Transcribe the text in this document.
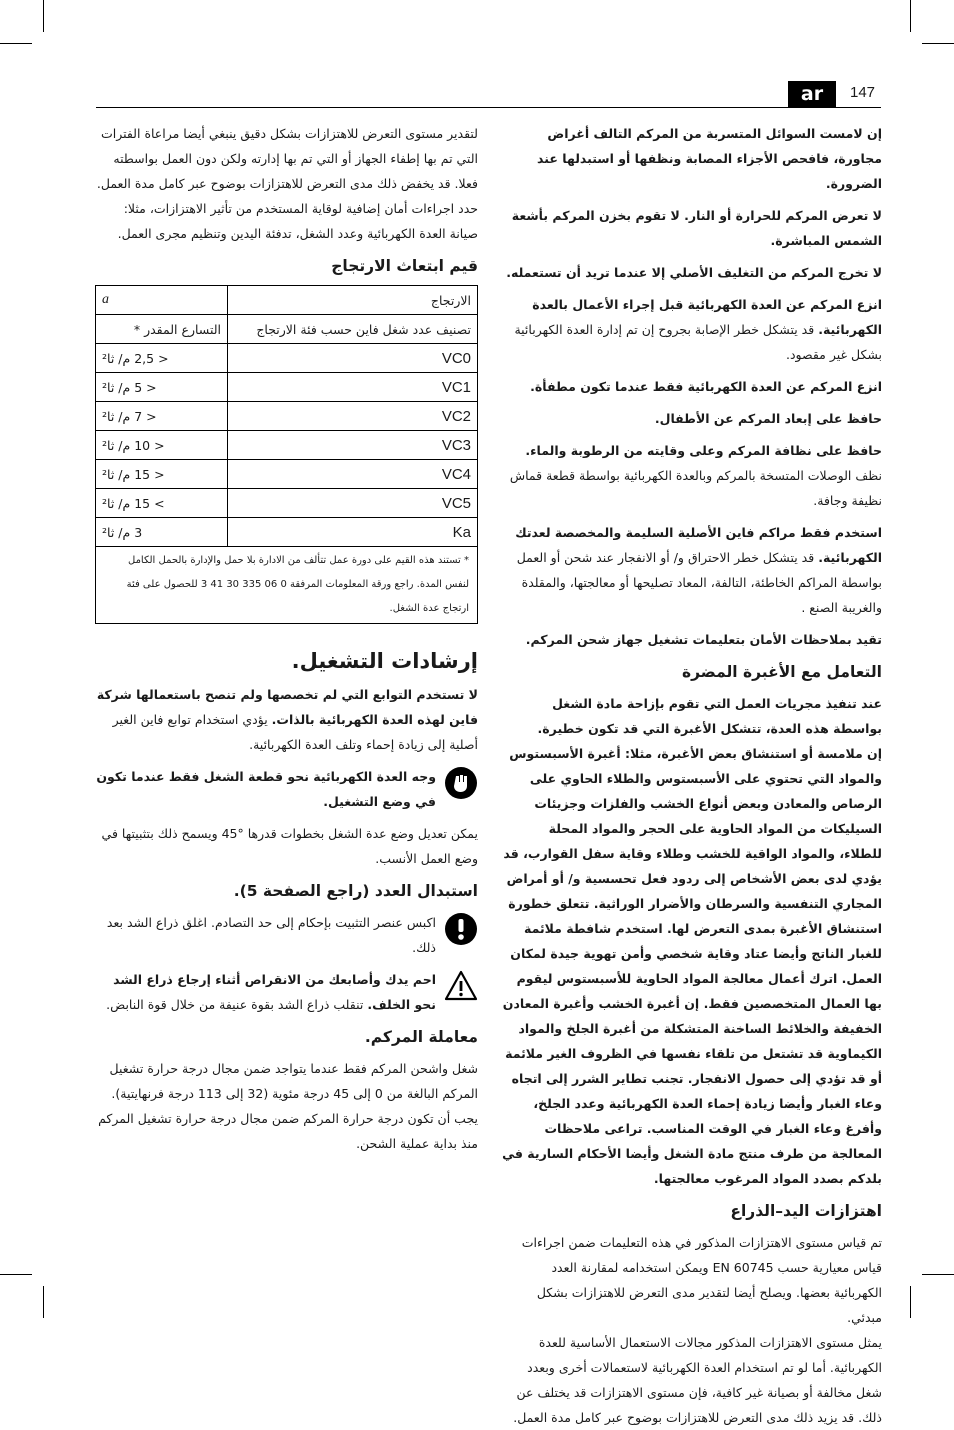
ar	147

إن لامست السوائل المتسربة من المركم التالف أغراض مجاورة، فافحص الأجزاء المصابة ونظفها أو استبدلها عند الضرورة.

لا تعرض المركم للحرارة أو النار. لا تقوم بخزن المركم بأشعة الشمس المباشرة.

لا تخرج المركم من التغليف الأصلي إلا عندما تريد أن تستعمله.

انزع المركم عن العدة الكهربائية قبل إجراء الأعمال بالعدة الكهربائية. قد يتشكل خطر الإصابة بجروح إن تم إدارة العدة الكهربائية بشكل غير مقصود.

انزع المركم عن العدة الكهربائية فقط عندما تكون مطفأة.

حافظ على إبعاد المركم عن الأطفال.

حافظ على نظافة المركم وعلى وقايته من الرطوبة والماء. نظف الوصلات المتسخة بالمركم وبالعدة الكهربائية بواسطة قطعة قماش نظيفة وجافة.

استخدم فقط مراكم فاين الأصلية السليمة والمخصصة لعدتك الكهربائية. قد يتشكل خطر الاحتراق و/ أو الانفجار عند شحن أو العمل بواسطة المراكم الخاطئة، التالفة، المعاد تصليحها أو معالجتها، والمقلدة والغريبة الصنع .

تقيد بملاحظات الأمان بتعليمات تشغيل جهاز شحن المركم.

التعامل مع الأغبرة المضرة

عند تنفيذ مجريات العمل التي تقوم بإزاحة مادة الشغل بواسطة هذه العدة، تتشكل الأغبرة التي قد تكون خطيرة.

إن ملامسة أو استنشاق بعض الأغبرة، مثلا: أغبرة الأسبستوس والمواد التي تحتوي على الأسبستوس والطلاء الحاوي على الرصاص والمعادن وبعض أنواع الخشب والفلزات وجزيئات السيليكات من المواد الحاوية على الحجر والمواد المحلة للطلاء، والمواد الواقية للخشب وطلاء وقاية سفل القوارب، قد يؤدي لدى بعض الأشخاص إلى ردود فعل تحسسية و/ أو أمراض المجاري التنفسية والسرطان والأضرار الوراثية. تتعلق خطورة استنشاق الأغبرة بمدى التعرض لها. استخدم شافطة ملائمة للغبار الناتج وأيضا عتاد وقاية شخصي وأمن تهوية جيدة لمكان العمل. اترك أعمال معالجة المواد الحاوية للأسبستوس ليقوم بها العمال المتخصصين فقط. إن أغبرة الخشب وأغبرة المعادن الخفيفة والخلائط الساخنة المتشكلة من أغبرة الجلخ والمواد الكيماوية قد تشتعل من تلقاء نفسها في الظروف الغير ملائمة أو قد تؤدي إلى حصول الانفجار. تجنب تطاير الشرر إلى اتجاه وعاء الغبار وأيضا زيادة إحماء العدة الكهربائية وعدد الجلخ، وأفرغ وعاء الغبار في الوقت المناسب. تراعى ملاحظات المعالجة من طرف منتج مادة الشغل وأيضا الأحكام السارية في بلدكم بصدد المواد المرغوب معالجتها.

اهتزازات اليد–الذراع

تم قياس مستوى الاهتزازات المذكور في هذه التعليمات ضمن اجراءات قياس معيارية حسب EN 60745 ويمكن استخدامه لمقارنة العدد الكهربائية بعضها. ويصلح أيضا لتقدير مدى التعرض للاهتزازات بشكل مبدئي.

يمثل مستوى الاهتزازات المذكور مجالات الاستعمال الأساسية للعدة الكهربائية. أما لو تم استخدام العدة الكهربائية لاستعمالات أخرى وبعدد شغل مخالفة أو بصيانة غير كافية، فإن مستوى الاهتزازات قد يختلف عن ذلك. قد يزيد ذلك مدى التعرض للاهتزازات بوضوح عبر كامل مدة العمل.

لتقدير مستوى التعرض للاهتزازات بشكل دقيق ينبغي أيضا مراعاة الفترات التي تم بها إطفاء الجهاز أو التي تم بها إدارته ولكن دون العمل بواسطته فعلا. قد يخفض ذلك مدى التعرض للاهتزازات بوضوح عبر كامل مدة العمل.

حدد اجراءات أمان إضافية لوقاية المستخدم من تأثير الاهتزازات، مثلا: صيانة العدة الكهربائية وعدد الشغل، تدفئة اليدين وتنظيم مجرى العمل.

قيم ابتعاث الارتجاج
الارتجاج	a
تصنيف عدد شغل فاين حسب فئة الارتجاج	التسارع المقدر *
VC0	< 2,5 م/ ثا²
VC1	< 5 م/ ثا²
VC2	< 7 م/ ثا²
VC3	< 10 م/ ثا²
VC4	< 15 م/ ثا²
VC5	> 15 م/ ثا²
Ka	3 م/ ثا²
* تستند هذه القيم على دورة عمل تتألف من الادارة بلا حمل والإدارة بالحمل الكامل لنفس المدة. راجع ورقة المعلومات المرفقة 0 06 335 30 41 3 للحصول على فئة ارتجاج عدة الشغل.	
إرشادات التشغيل.

لا تستخدم التوابع التي لم تخصصها ولم تنصح باستعمالها شركة فاين لهذه العدة الكهربائية بالذات. يؤدي استخدام توابع فاين الغير أصلية إلى زيادة إحماء وتلف العدة الكهربائية.

وجه العدة الكهربائية نحو قطعة الشغل فقط عندما تكون في وضع التشغيل.

يمكن تعديل وضع عدة الشغل بخطوات قدرها °45 ويسمح ذلك بتثبيتها في وضع العمل الأنسب.

استبدال العدد (راجع الصفحة 5).

اكبس عنصر التثبيت بإحكام إلى حد التصادم. اغلق ذراع الشد بعد ذلك.

احم يدك وأصابعك من الانقراص أثناء إرجاع ذراع الشد نحو الخلف. تنقلب ذراع الشد بقوة عنيفة من خلال قوة النابض.

معاملة المركم.

شغل واشحن المركم فقط عندما يتواجد ضمن مجال درجة حرارة تشغيل المركم البالغة من 0 إلى 45 درجة مئوية (32 إلى 113 درجة فرنهايتية). يجب أن تكون درجة حرارة المركم ضمن مجال درجة حرارة تشغيل المركم منذ بداية عملية الشحن.
